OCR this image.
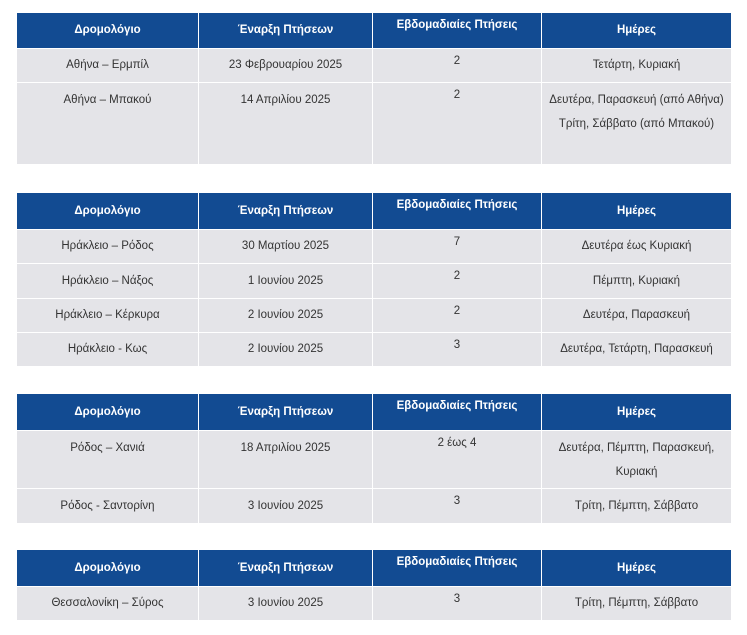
Δρομολόγιο	Έναρξη Πτήσεων	Εβδομαδιαίες Πτήσεις	Ημέρες
Αθήνα – Ερμπίλ	23 Φεβρουαρίου 2025	2	Τετάρτη, Κυριακή
Αθήνα – Μπακού	14 Απριλίου 2025	2	Δευτέρα, Παρασκευή (από Αθήνα) Τρίτη, Σάββατο (από Μπακού)
Δρομολόγιο	Έναρξη Πτήσεων	Εβδομαδιαίες Πτήσεις	Ημέρες
Ηράκλειο – Ρόδος	30 Μαρτίου 2025	7	Δευτέρα έως Κυριακή
Ηράκλειο – Νάξος	1 Ιουνίου 2025	2	Πέμπτη, Κυριακή
Ηράκλειο – Κέρκυρα	2 Ιουνίου 2025	2	Δευτέρα, Παρασκευή
Ηράκλειο - Κως	2 Ιουνίου 2025	3	Δευτέρα, Τετάρτη, Παρασκευή
Δρομολόγιο	Έναρξη Πτήσεων	Εβδομαδιαίες Πτήσεις	Ημέρες
Ρόδος – Χανιά	18 Απριλίου 2025	2 έως 4	Δευτέρα, Πέμπτη, Παρασκευή, Κυριακή
Ρόδος - Σαντορίνη	3 Ιουνίου 2025	3	Τρίτη, Πέμπτη, Σάββατο
Δρομολόγιο	Έναρξη Πτήσεων	Εβδομαδιαίες Πτήσεις	Ημέρες
Θεσσαλονίκη – Σύρος	3 Ιουνίου 2025	3	Τρίτη, Πέμπτη, Σάββατο
